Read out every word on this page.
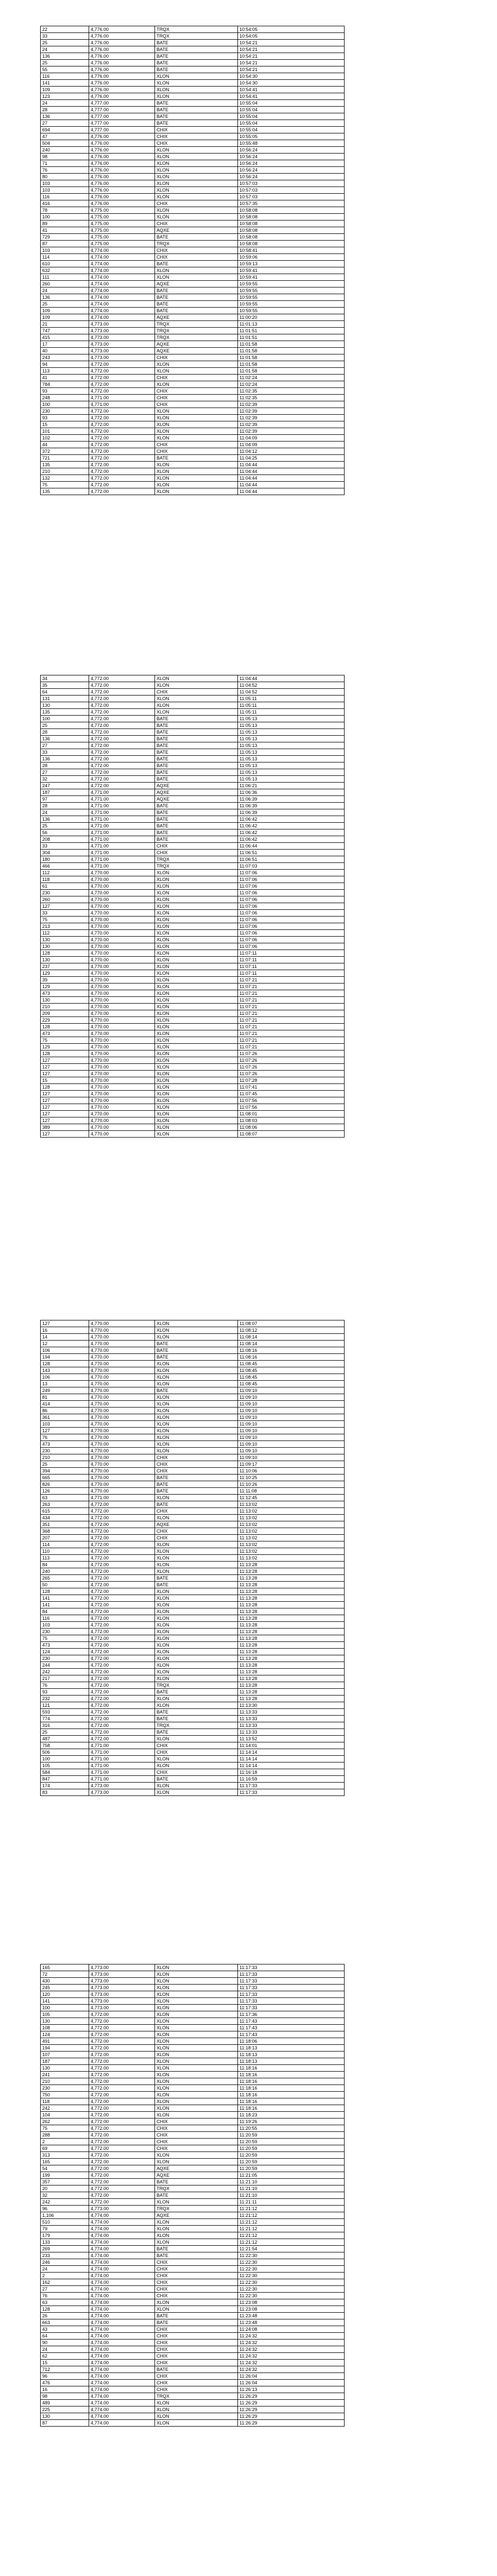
22	4,776.00	TRQX	10:54:05
33	4,776.00	TRQX	10:54:05
25	4,776.00	BATE	10:54:21
24	4,776.00	BATE	10:54:21
136	4,776.00	BATE	10:54:21
25	4,776.00	BATE	10:54:21
55	4,776.00	BATE	10:54:21
116	4,776.00	XLON	10:54:30
141	4,776.00	XLON	10:54:30
109	4,776.00	XLON	10:54:41
123	4,776.00	XLON	10:54:41
24	4,777.00	BATE	10:55:04
28	4,777.00	BATE	10:55:04
136	4,777.00	BATE	10:55:04
27	4,777.00	BATE	10:55:04
694	4,777.00	CHIX	10:55:04
47	4,776.00	CHIX	10:55:05
504	4,776.00	CHIX	10:55:48
240	4,776.00	XLON	10:56:24
98	4,776.00	XLON	10:56:24
71	4,776.00	XLON	10:56:24
76	4,776.00	XLON	10:56:24
80	4,776.00	XLON	10:56:24
103	4,776.00	XLON	10:57:03
103	4,776.00	XLON	10:57:03
116	4,776.00	XLON	10:57:03
416	4,776.00	CHIX	10:57:35
78	4,775.00	XLON	10:58:08
100	4,775.00	XLON	10:58:08
89	4,775.00	CHIX	10:58:08
41	4,775.00	AQXE	10:58:08
729	4,775.00	BATE	10:58:08
87	4,775.00	TRQX	10:58:08
103	4,774.00	CHIX	10:58:41
114	4,774.00	CHIX	10:59:06
610	4,774.00	BATE	10:59:13
632	4,774.00	XLON	10:59:41
111	4,774.00	XLON	10:59:41
260	4,774.00	AQXE	10:59:55
24	4,774.00	BATE	10:59:55
136	4,774.00	BATE	10:59:55
25	4,774.00	BATE	10:59:55
109	4,774.00	BATE	10:59:55
109	4,774.00	AQXE	11:00:20
21	4,773.00	TRQX	11:01:13
747	4,773.00	TRQX	11:01:51
415	4,773.00	TRQX	11:01:51
17	4,773.00	AQXE	11:01:58
40	4,773.00	AQXE	11:01:58
243	4,773.00	CHIX	11:01:58
94	4,772.00	XLON	11:01:58
113	4,772.00	XLON	11:01:58
41	4,772.00	CHIX	11:02:24
784	4,772.00	XLON	11:02:24
93	4,772.00	CHIX	11:02:35
248	4,771.00	CHIX	11:02:35
100	4,771.00	CHIX	11:02:39
230	4,772.00	XLON	11:02:39
93	4,772.00	XLON	11:02:39
15	4,772.00	XLON	11:02:39
101	4,772.00	XLON	11:02:39
102	4,772.00	XLON	11:04:09
44	4,772.00	CHIX	11:04:09
372	4,772.00	CHIX	11:04:12
721	4,772.00	BATE	11:04:25
135	4,772.00	XLON	11:04:44
210	4,772.00	XLON	11:04:44
132	4,772.00	XLON	11:04:44
75	4,772.00	XLON	11:04:44
135	4,772.00	XLON	11:04:44
34	4,772.00	XLON	11:04:44
35	4,772.00	XLON	11:04:52
64	4,772.00	CHIX	11:04:52
131	4,772.00	XLON	11:05:11
130	4,772.00	XLON	11:05:11
135	4,772.00	XLON	11:05:11
100	4,772.00	BATE	11:05:13
25	4,772.00	BATE	11:05:13
28	4,772.00	BATE	11:05:13
136	4,772.00	BATE	11:05:13
27	4,772.00	BATE	11:05:13
33	4,772.00	BATE	11:05:13
136	4,772.00	BATE	11:05:13
28	4,772.00	BATE	11:05:13
27	4,772.00	BATE	11:05:13
32	4,772.00	BATE	11:05:13
247	4,772.00	AQXE	11:06:21
187	4,771.00	AQXE	11:06:36
97	4,771.00	AQXE	11:06:39
28	4,771.00	BATE	11:06:39
24	4,771.00	BATE	11:06:39
136	4,771.00	BATE	11:06:42
25	4,771.00	BATE	11:06:42
56	4,771.00	BATE	11:06:42
208	4,771.00	BATE	11:06:42
33	4,771.00	CHIX	11:06:44
304	4,771.00	CHIX	11:06:51
180	4,771.00	TRQX	11:06:51
466	4,771.00	TRQX	11:07:03
112	4,770.00	XLON	11:07:06
118	4,770.00	XLON	11:07:06
61	4,770.00	XLON	11:07:06
230	4,770.00	XLON	11:07:06
260	4,770.00	XLON	11:07:06
127	4,770.00	XLON	11:07:06
33	4,770.00	XLON	11:07:06
75	4,770.00	XLON	11:07:06
213	4,770.00	XLON	11:07:06
112	4,770.00	XLON	11:07:06
130	4,770.00	XLON	11:07:06
130	4,770.00	XLON	11:07:06
128	4,770.00	XLON	11:07:11
130	4,770.00	XLON	11:07:11
237	4,770.00	XLON	11:07:11
129	4,770.00	XLON	11:07:11
39	4,770.00	XLON	11:07:21
129	4,770.00	XLON	11:07:21
473	4,770.00	XLON	11:07:21
130	4,770.00	XLON	11:07:21
210	4,770.00	XLON	11:07:21
209	4,770.00	XLON	11:07:21
229	4,770.00	XLON	11:07:21
128	4,770.00	XLON	11:07:21
473	4,770.00	XLON	11:07:21
75	4,770.00	XLON	11:07:21
129	4,770.00	XLON	11:07:21
128	4,770.00	XLON	11:07:26
127	4,770.00	XLON	11:07:26
127	4,770.00	XLON	11:07:26
127	4,770.00	XLON	11:07:26
15	4,770.00	XLON	11:07:28
128	4,770.00	XLON	11:07:41
127	4,770.00	XLON	11:07:45
127	4,770.00	XLON	11:07:56
127	4,770.00	XLON	11:07:56
127	4,770.00	XLON	11:08:01
127	4,770.00	XLON	11:08:03
389	4,770.00	XLON	11:08:06
127	4,770.00	XLON	11:08:07
127	4,770.00	XLON	11:08:07
16	4,770.00	XLON	11:08:12
14	4,770.00	XLON	11:08:14
12	4,770.00	BATE	11:08:14
106	4,770.00	BATE	11:08:16
194	4,770.00	BATE	11:08:16
128	4,770.00	XLON	11:08:45
143	4,770.00	XLON	11:08:45
106	4,770.00	XLON	11:08:45
13	4,770.00	XLON	11:08:45
249	4,770.00	BATE	11:09:10
81	4,770.00	XLON	11:09:10
414	4,770.00	XLON	11:09:10
86	4,770.00	XLON	11:09:10
361	4,770.00	XLON	11:09:10
103	4,770.00	XLON	11:09:10
127	4,770.00	XLON	11:09:10
76	4,770.00	XLON	11:09:10
473	4,770.00	XLON	11:09:10
230	4,770.00	XLON	11:09:10
210	4,770.00	CHIX	11:09:10
25	4,770.00	CHIX	11:09:17
394	4,770.00	CHIX	11:10:06
665	4,770.00	BATE	11:10:25
826	4,770.00	BATE	11:10:26
126	4,770.00	BATE	11:11:08
63	4,771.00	XLON	11:12:45
263	4,772.00	BATE	11:13:02
615	4,772.00	CHIX	11:13:02
434	4,772.00	XLON	11:13:02
351	4,772.00	AQXE	11:13:02
368	4,772.00	CHIX	11:13:02
207	4,772.00	CHIX	11:13:02
114	4,772.00	XLON	11:13:02
110	4,772.00	XLON	11:13:02
113	4,772.00	XLON	11:13:02
84	4,772.00	XLON	11:13:28
240	4,772.00	XLON	11:13:28
265	4,772.00	BATE	11:13:28
50	4,772.00	BATE	11:13:28
128	4,772.00	XLON	11:13:28
141	4,772.00	XLON	11:13:28
141	4,772.00	XLON	11:13:28
84	4,772.00	XLON	11:13:28
116	4,772.00	XLON	11:13:28
103	4,772.00	XLON	11:13:28
230	4,772.00	XLON	11:13:28
75	4,772.00	XLON	11:13:28
473	4,772.00	XLON	11:13:28
124	4,772.00	XLON	11:13:28
230	4,772.00	XLON	11:13:28
244	4,772.00	XLON	11:13:28
242	4,772.00	XLON	11:13:28
217	4,772.00	XLON	11:13:28
76	4,772.00	TRQX	11:13:28
93	4,772.00	BATE	11:13:28
232	4,772.00	XLON	11:13:28
121	4,772.00	XLON	11:13:30
593	4,772.00	BATE	11:13:33
774	4,772.00	BATE	11:13:33
316	4,772.00	TRQX	11:13:33
25	4,772.00	BATE	11:13:33
487	4,772.00	XLON	11:13:52
758	4,771.00	CHIX	11:14:01
506	4,771.00	CHIX	11:14:14
100	4,771.00	XLON	11:14:14
105	4,771.00	XLON	11:14:14
584	4,771.00	CHIX	11:16:18
847	4,771.00	BATE	11:16:59
174	4,773.00	XLON	11:17:33
83	4,773.00	XLON	11:17:33
165	4,773.00	XLON	11:17:33
72	4,773.00	XLON	11:17:33
430	4,773.00	XLON	11:17:33
245	4,773.00	XLON	11:17:33
120	4,773.00	XLON	11:17:33
141	4,773.00	XLON	11:17:33
100	4,773.00	XLON	11:17:33
105	4,772.00	XLON	11:17:36
130	4,772.00	XLON	11:17:43
108	4,772.00	XLON	11:17:43
124	4,772.00	XLON	11:17:43
491	4,772.00	XLON	11:18:06
194	4,772.00	XLON	11:18:13
107	4,772.00	XLON	11:18:13
187	4,772.00	XLON	11:18:13
130	4,772.00	XLON	11:18:16
241	4,772.00	XLON	11:18:16
210	4,772.00	XLON	11:18:16
230	4,772.00	XLON	11:18:16
750	4,772.00	XLON	11:18:16
118	4,772.00	XLON	11:18:16
242	4,772.00	XLON	11:18:16
104	4,772.00	XLON	11:18:23
262	4,772.00	CHIX	11:19:26
75	4,772.00	CHIX	11:20:55
288	4,772.00	CHIX	11:20:59
2	4,772.00	CHIX	11:20:59
69	4,772.00	CHIX	11:20:59
313	4,772.00	XLON	11:20:59
165	4,772.00	XLON	11:20:59
54	4,772.00	AQXE	11:20:59
199	4,772.00	AQXE	11:21:05
357	4,772.00	BATE	11:21:10
20	4,772.00	TRQX	11:21:10
32	4,772.00	BATE	11:21:10
242	4,772.00	XLON	11:21:11
96	4,773.00	TRQX	11:21:12
1,106	4,774.00	AQXE	11:21:12
510	4,774.00	XLON	11:21:12
79	4,774.00	XLON	11:21:12
179	4,774.00	XLON	11:21:12
133	4,774.00	XLON	11:21:12
269	4,774.00	BATE	11:21:54
233	4,774.00	BATE	11:22:30
246	4,774.00	CHIX	11:22:30
24	4,774.00	CHIX	11:22:30
2	4,774.00	CHIX	11:22:30
162	4,774.00	CHIX	11:22:30
27	4,774.00	CHIX	11:22:30
76	4,774.00	CHIX	11:22:30
63	4,774.00	XLON	11:23:08
128	4,774.00	XLON	11:23:08
26	4,774.00	BATE	11:23:48
663	4,774.00	BATE	11:23:48
43	4,774.00	CHIX	11:24:08
64	4,774.00	CHIX	11:24:32
90	4,774.00	CHIX	11:24:32
24	4,774.00	CHIX	11:24:32
62	4,774.00	CHIX	11:24:32
15	4,774.00	CHIX	11:24:32
712	4,774.00	BATE	11:24:32
96	4,774.00	CHIX	11:26:04
476	4,774.00	CHIX	11:26:04
16	4,774.00	CHIX	11:26:13
98	4,774.00	TRQX	11:26:29
489	4,774.00	XLON	11:26:29
225	4,774.00	XLON	11:26:29
130	4,774.00	XLON	11:26:29
87	4,774.00	XLON	11:26:29
